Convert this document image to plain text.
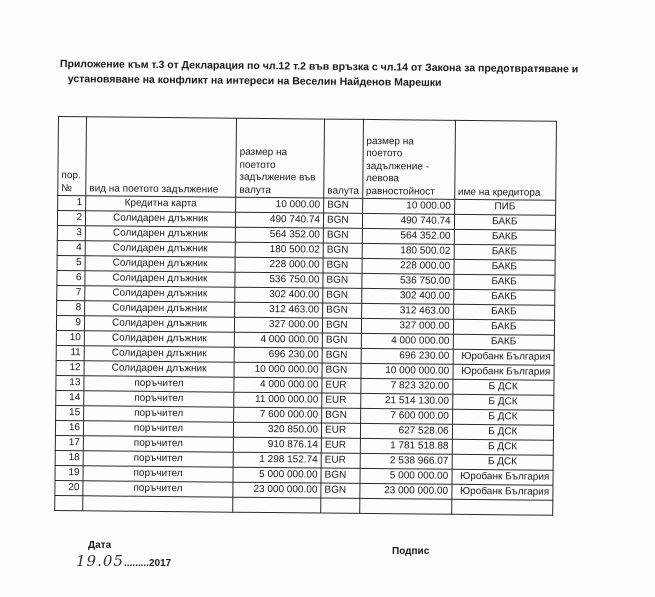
Приложение към т.3 от Декларация по чл.12 т.2 във връзка с чл.14 от Закона за предотвратяване и
установяване на конфликт на интереси на Веселин Найденов Марешки
пор. №	вид на поетото задължение	размер на поетото задължение във валута	валута	размер на поетото задължение - левова равностойност	име на кредитора
1	Кредитна карта	10 000.00	BGN	10 000.00	ПИБ
2	Солидарен длъжник	490 740.74	BGN	490 740.74	БАКБ
3	Солидарен длъжник	564 352.00	BGN	564 352.00	БАКБ
4	Солидарен длъжник	180 500.02	BGN	180 500.02	БАКБ
5	Солидарен длъжник	228 000.00	BGN	228 000.00	БАКБ
6	Солидарен длъжник	536 750.00	BGN	536 750.00	БАКБ
7	Солидарен длъжник	302 400.00	BGN	302 400.00	БАКБ
8	Солидарен длъжник	312 463.00	BGN	312 463.00	БАКБ
9	Солидарен длъжник	327 000.00	BGN	327 000.00	БАКБ
10	Солидарен длъжник	4 000 000.00	BGN	4 000 000.00	БАКБ
11	Солидарен длъжник	696 230.00	BGN	696 230.00	Юробанк България
12	Солидарен длъжник	10 000 000.00	BGN	10 000 000.00	Юробанк България
13	поръчител	4 000 000.00	EUR	7 823 320.00	Б ДСК
14	поръчител	11 000 000.00	EUR	21 514 130.00	Б ДСК
15	поръчител	7 600 000.00	BGN	7 600 000.00	Б ДСК
16	поръчител	320 850.00	EUR	627 528.06	Б ДСК
17	поръчител	910 876.14	EUR	1 781 518.88	Б ДСК
18	поръчител	1 298 152.74	EUR	2 538 966.07	Б ДСК
19	поръчител	5 000 000.00	BGN	5 000 000.00	Юробанк България
20	поръчител	23 000 000.00	BGN	23 000 000.00	Юробанк България

Дата
19.05.........2017
Подпис
